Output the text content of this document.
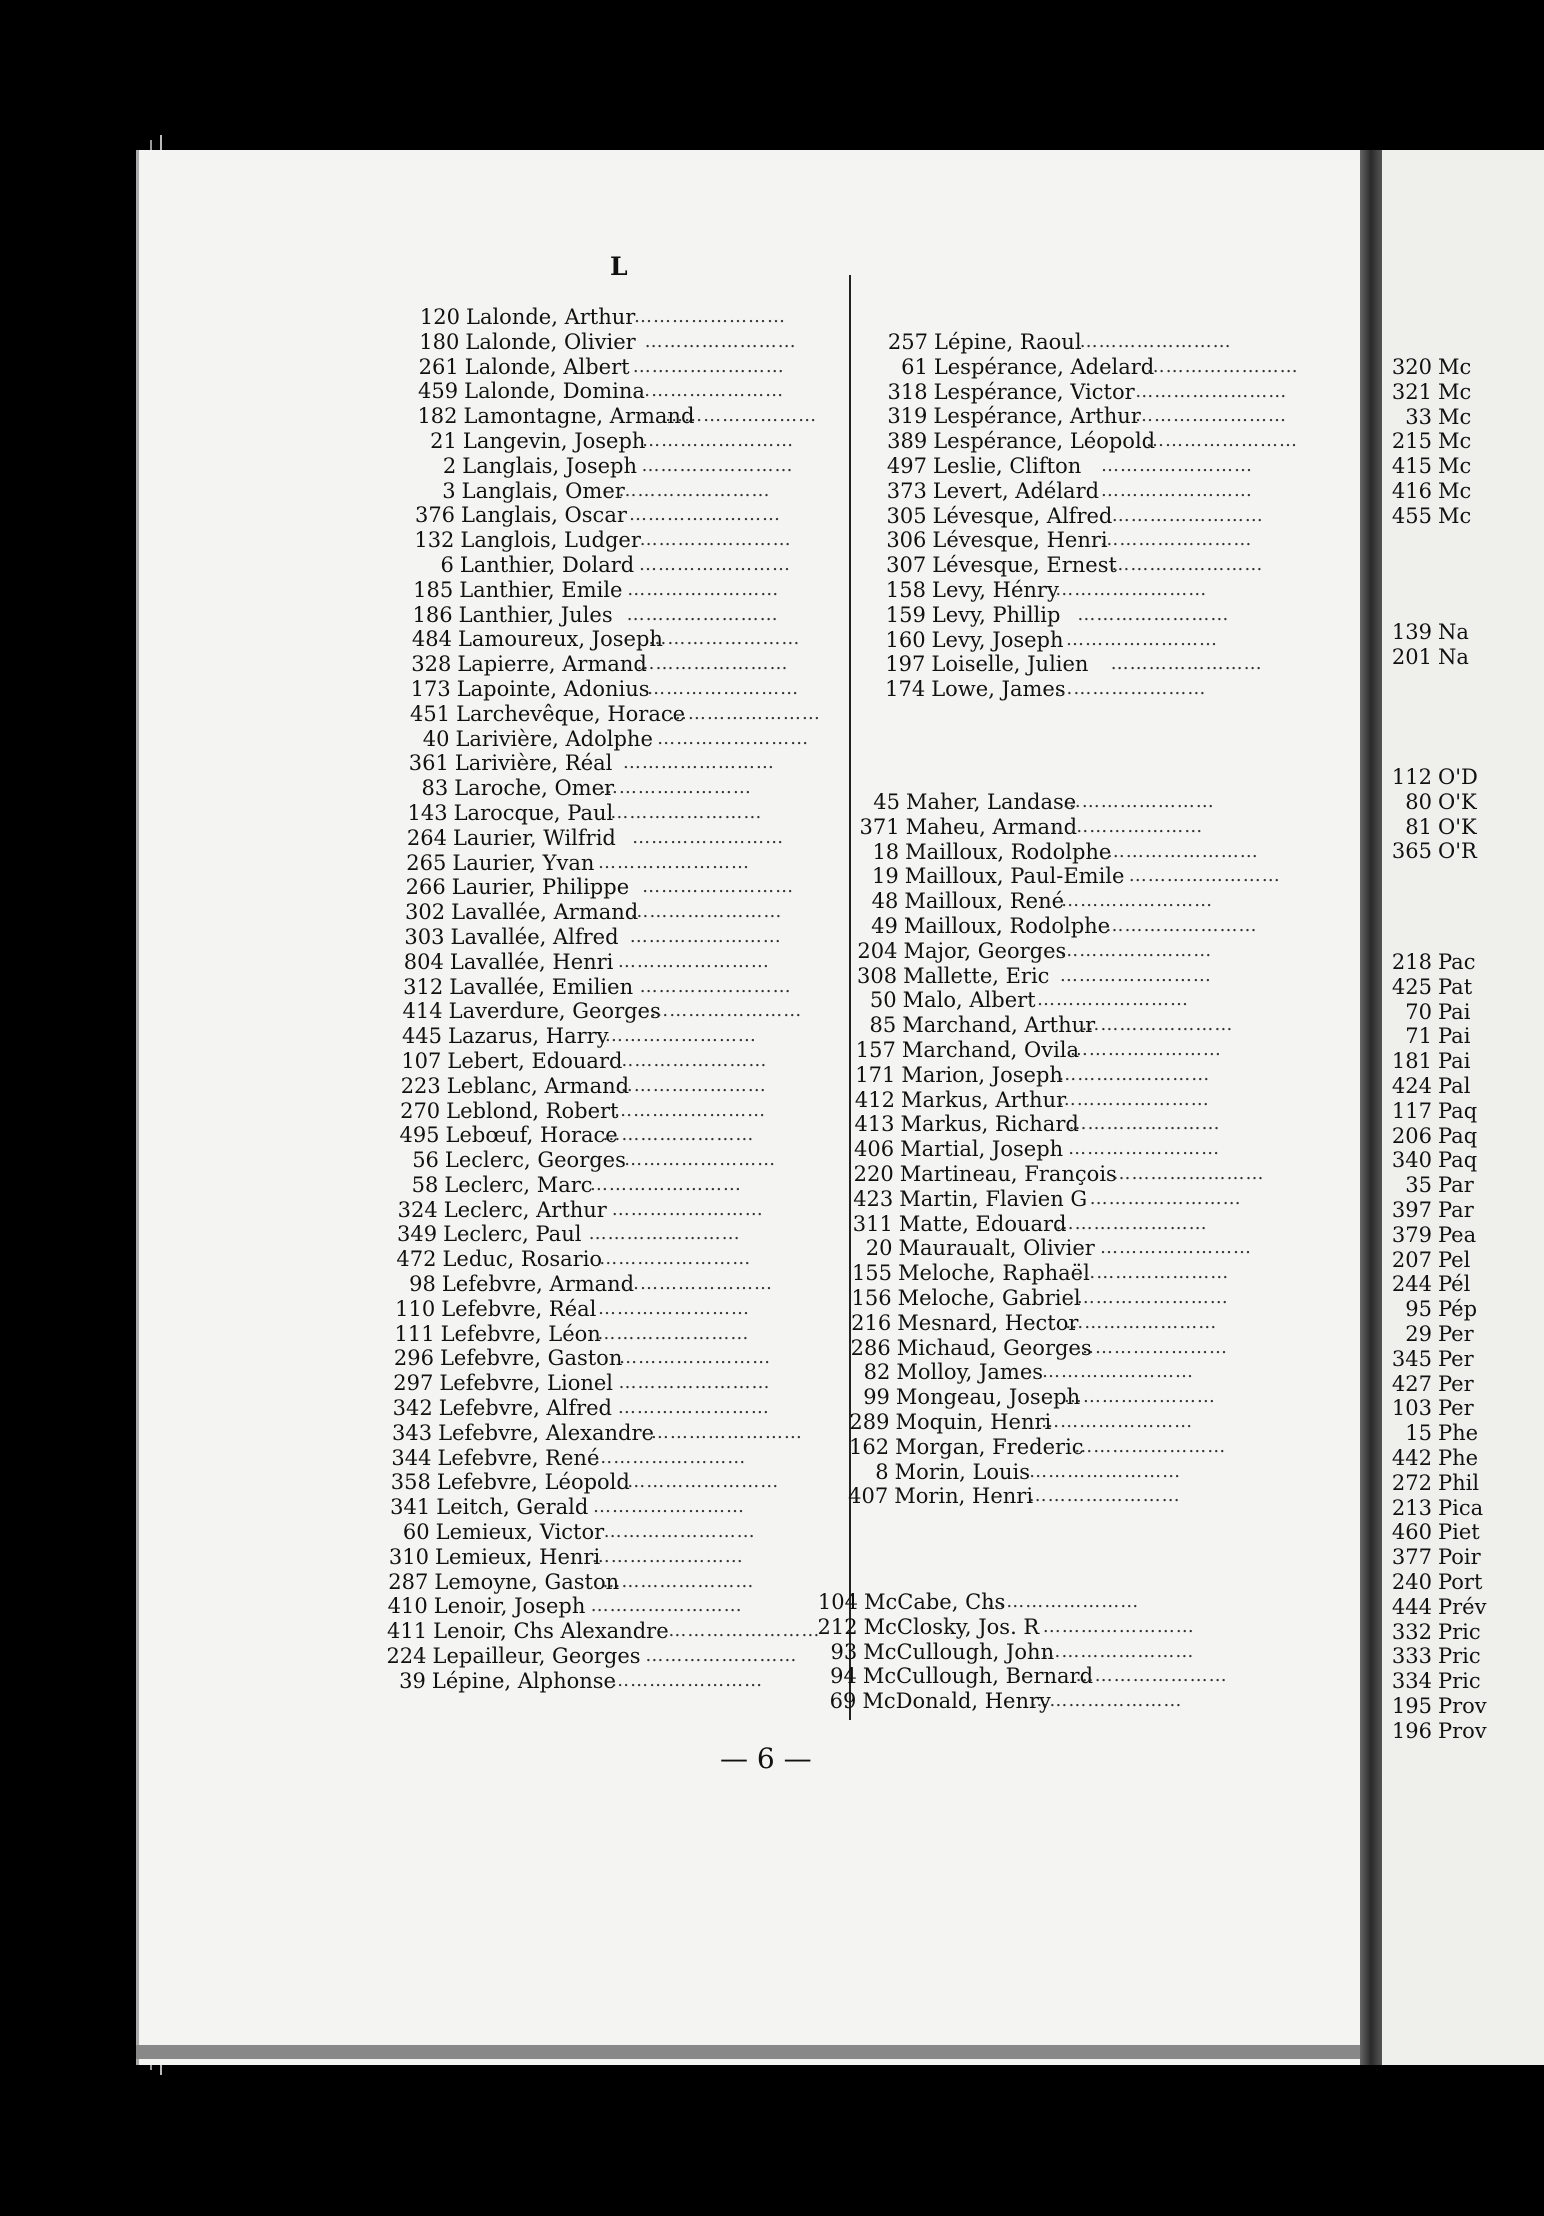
320 Mc
321 Mc
33 Mc
215 Mc
415 Mc
416 Mc
455 Mc
139 Na
201 Na
112 O'D
80 O'K
81 O'K
365 O'R
218 Pac
425 Pat
70 Pai
71 Pai
181 Pai
424 Pal
117 Paq
206 Paq
340 Paq
35 Par
397 Par
379 Pea
207 Pel
244 Pél
95 Pép
29 Per
345 Per
427 Per
103 Per
15 Phe
442 Phe
272 Phil
213 Pica
460 Piet
377 Poir
240 Port
444 Prév
332 Pric
333 Pric
334 Pric
195 Prov
196 Prov
L
120 Lalonde, Arthur
……………………
180 Lalonde, Olivier ……………………
261 Lalonde, Albert ……………………
459 Lalonde, Domina
……………………
182 Lamontagne, Armand
……………………
21 Langevin, Joseph
……………………
2 Langlais, Joseph ……………………
3 Langlais, Omer
……………………
376 Langlais, Oscar ……………………
132 Langlois, Ludger
……………………
6 Lanthier, Dolard ……………………
185 Lanthier, Emile ……………………
186 Lanthier, Jules ……………………
484 Lamoureux, Joseph
……………………
328 Lapierre, Armand
……………………
173 Lapointe, Adonius
……………………
451 Larchevêque, Horace
……………………
40 Larivière, Adolphe ……………………
361 Larivière, Réal ……………………
83 Laroche, Omer
……………………
143 Larocque, Paul
……………………
264 Laurier, Wilfrid ……………………
265 Laurier, Yvan ……………………
266 Laurier, Philippe ……………………
302 Lavallée, Armand
……………………
303 Lavallée, Alfred ……………………
804 Lavallée, Henri ……………………
312 Lavallée, Emilien ……………………
414 Laverdure, Georges
……………………
445 Lazarus, Harry
……………………
107 Lebert, Edouard
……………………
223 Leblanc, Armand
……………………
270 Leblond, Robert
……………………
495 Lebœuf, Horace
……………………
56 Leclerc, Georges
……………………
58 Leclerc, Marc
……………………
324 Leclerc, Arthur ……………………
349 Leclerc, Paul ……………………
472 Leduc, Rosario
……………………
98 Lefebvre, Armand
……………………
110 Lefebvre, Réal ……………………
111 Lefebvre, Léon
……………………
296 Lefebvre, Gaston
……………………
297 Lefebvre, Lionel ……………………
342 Lefebvre, Alfred ……………………
343 Lefebvre, Alexandre
……………………
344 Lefebvre, René
……………………
358 Lefebvre, Léopold
……………………
341 Leitch, Gerald ……………………
60 Lemieux, Victor ……………………
310 Lemieux, Henri
……………………
287 Lemoyne, Gaston
……………………
410 Lenoir, Joseph ……………………
411 Lenoir, Chs Alexandre ……………………
224 Lepailleur, Georges ……………………
39 Lépine, Alphonse
……………………
257 Lépine, Raoul
……………………
61 Lespérance, Adelard
……………………
318 Lespérance, Victor ……………………
319 Lespérance, Arthur
……………………
389 Lespérance, Léopold
……………………
497 Leslie, Clifton ……………………
373 Levert, Adélard ……………………
305 Lévesque, Alfred ……………………
306 Lévesque, Henri
……………………
307 Lévesque, Ernest
……………………
158 Levy, Hénry
……………………
159 Levy, Phillip ……………………
160 Levy, Joseph ……………………
197 Loiselle, Julien ……………………
174 Lowe, James
……………………
45 Maher, Landase
……………………
371 Maheu, Armand
……………………
18 Mailloux, Rodolphe
……………………
19 Mailloux, Paul-Emile ……………………
48 Mailloux, René
……………………
49 Mailloux, Rodolphe
……………………
204 Major, Georges
……………………
308 Mallette, Eric ……………………
50 Malo, Albert ……………………
85 Marchand, Arthur
……………………
157 Marchand, Ovila
……………………
171 Marion, Joseph
……………………
412 Markus, Arthur
……………………
413 Markus, Richard
……………………
406 Martial, Joseph ……………………
220 Martineau, François
……………………
423 Martin, Flavien G ……………………
311 Matte, Edouard
……………………
20 Mauraualt, Olivier ……………………
155 Meloche, Raphaël
……………………
156 Meloche, Gabriel
……………………
216 Mesnard, Hector
……………………
286 Michaud, Georges
……………………
82 Molloy, James
……………………
99 Mongeau, Joseph
……………………
289 Moquin, Henri
……………………
162 Morgan, Frederic
……………………
8 Morin, Louis ……………………
407 Morin, Henri
……………………
104 McCabe, Chs
……………………
212 McClosky, Jos. R ……………………
93 McCullough, John
……………………
94 McCullough, Bernard
……………………
69 McDonald, Henry
……………………
— 6 —
